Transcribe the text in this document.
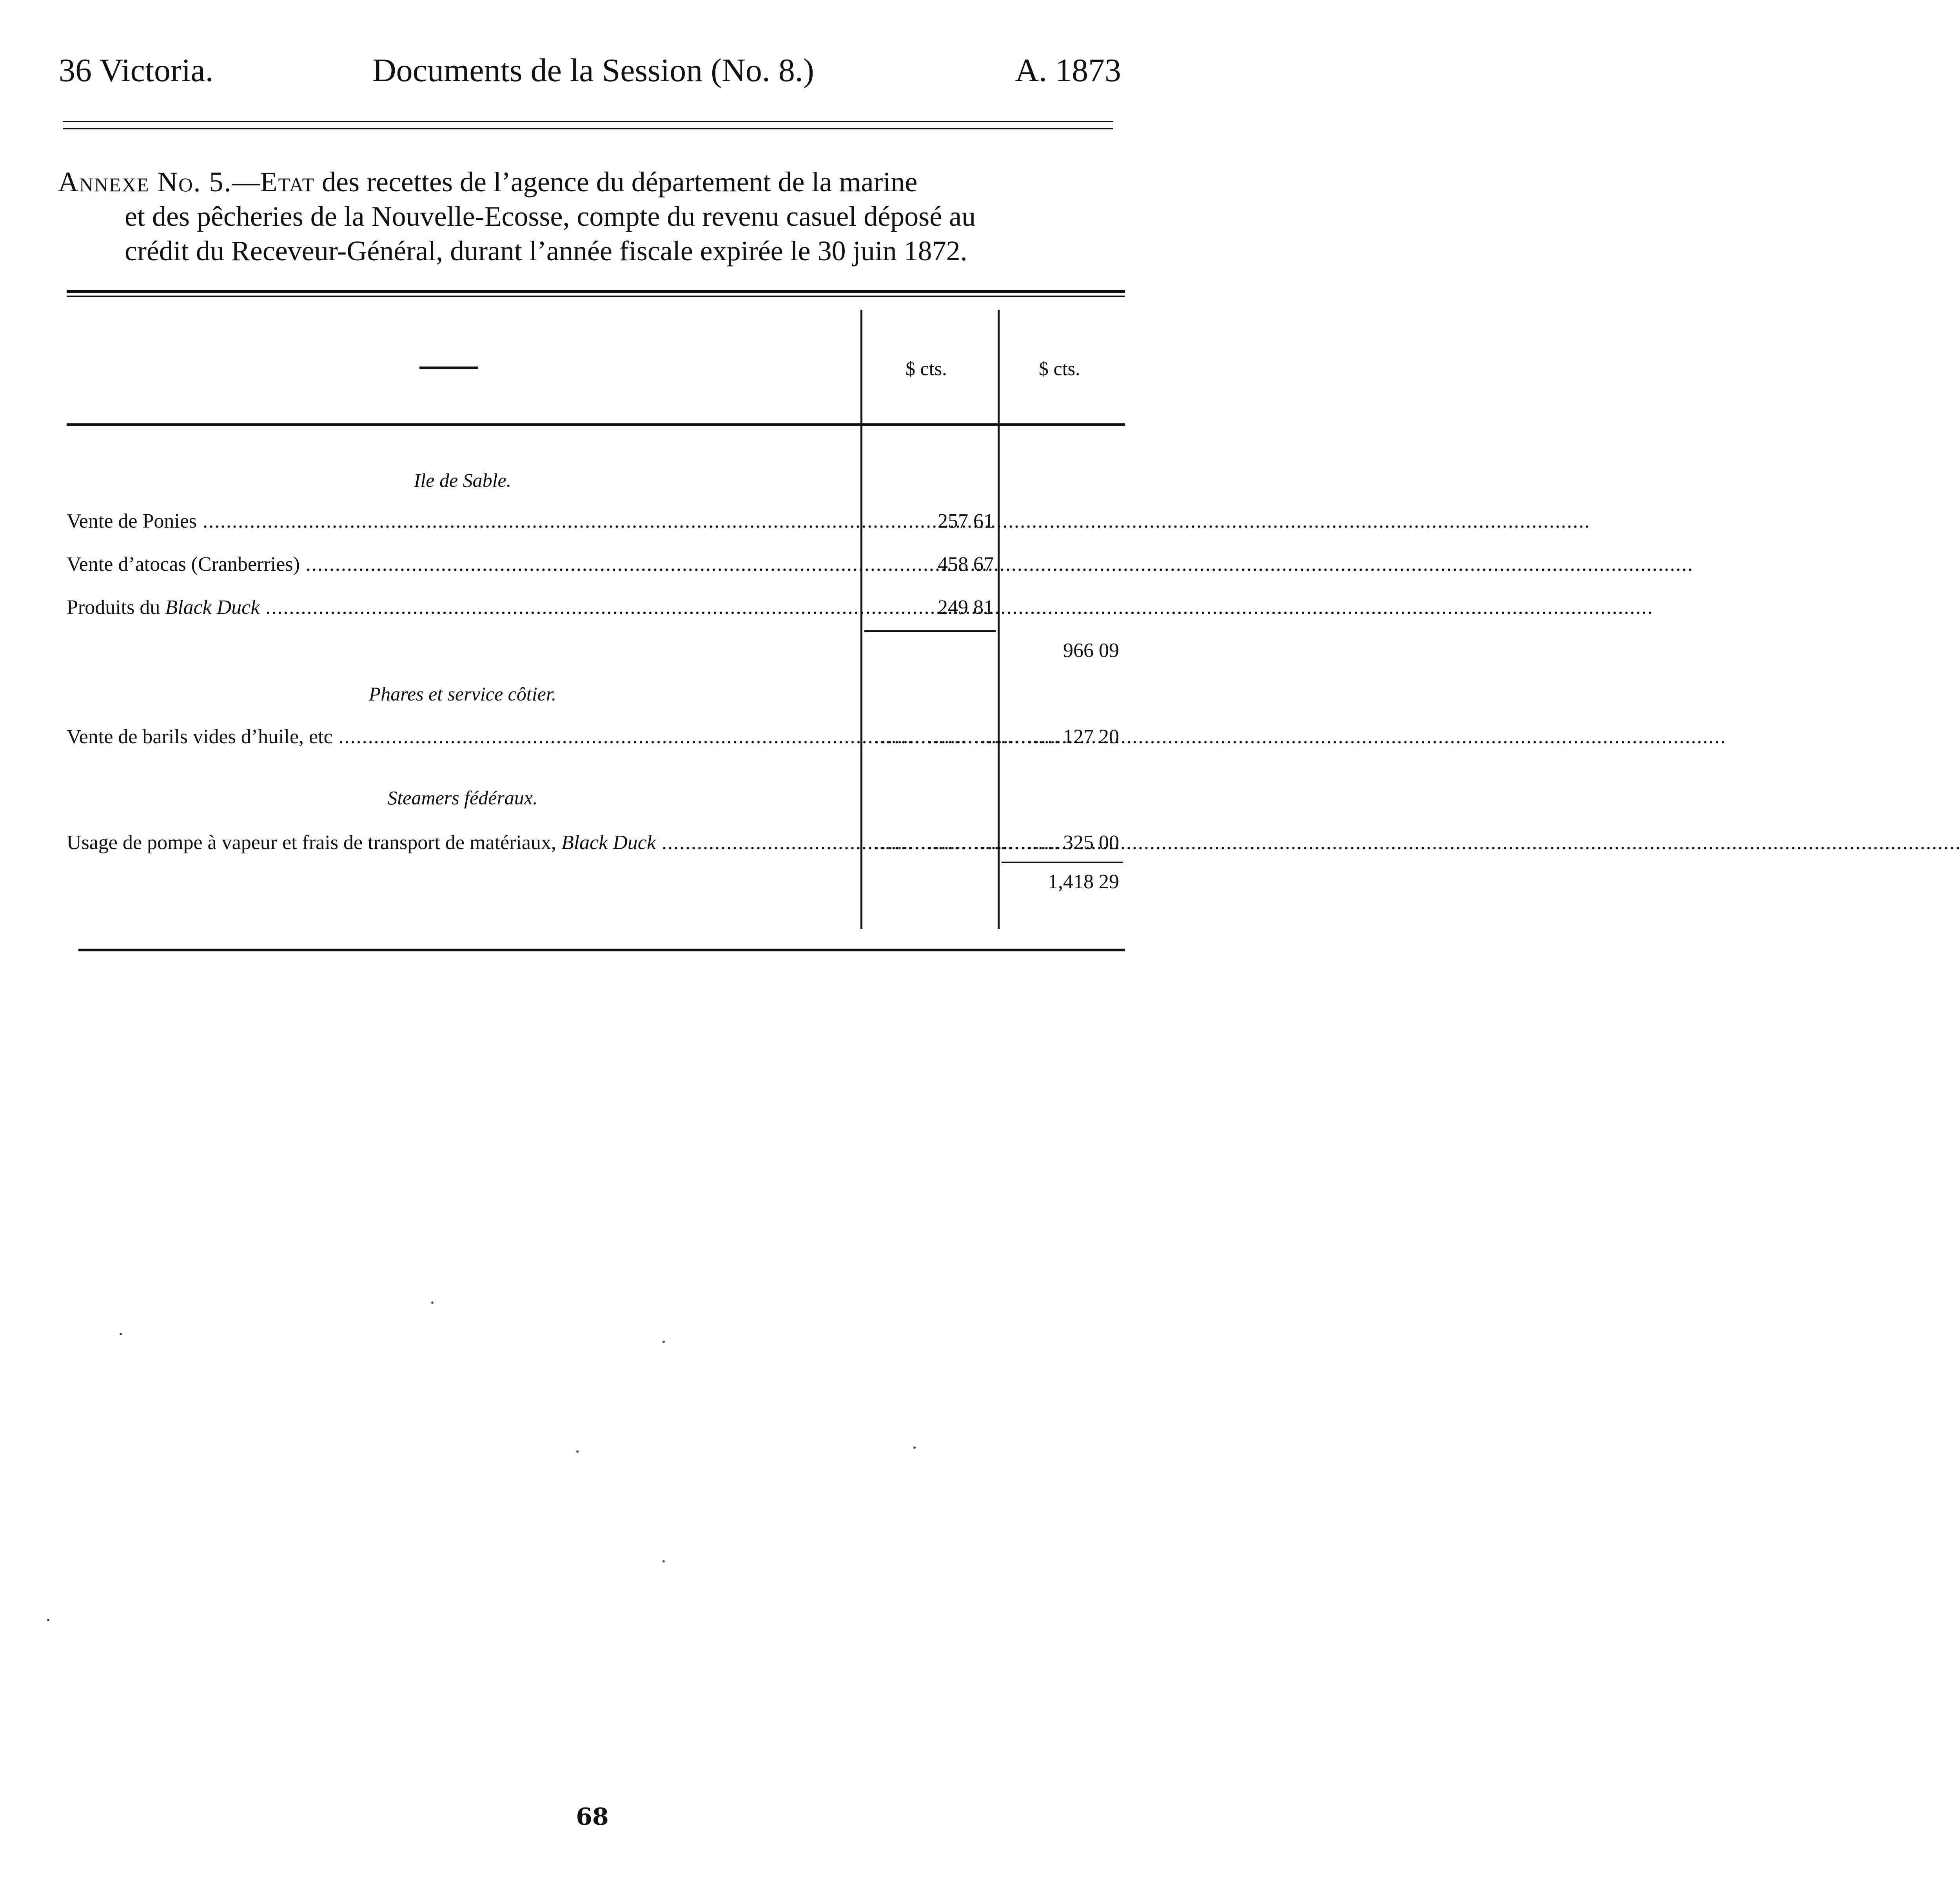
36 Victoria.	Documents de la Session (No. 8.)	A. 1873
Annexe No. 5.—Etat des recettes de l’agence du département de la marine
et des pêcheries de la Nouvelle-Ecosse, compte du revenu casuel déposé au
crédit du Receveur-Général, durant l’année fiscale expirée le 30 juin 1872.
$ cts.	$ cts.
Ile de Sable.
Vente de Ponies .....	257 61
Vente d’atocas (Cranberries) .....	458 67
Produits du Black Duck .....	249 81
966 09
Phares et service côtier.
Vente de barils vides d’huile, etc .....	............................ 127 20
Steamers fédéraux.
Usage de pompe à vapeur et frais de transport de matériaux, Black Duck .....	............................ 325 00
1,418 29
68
